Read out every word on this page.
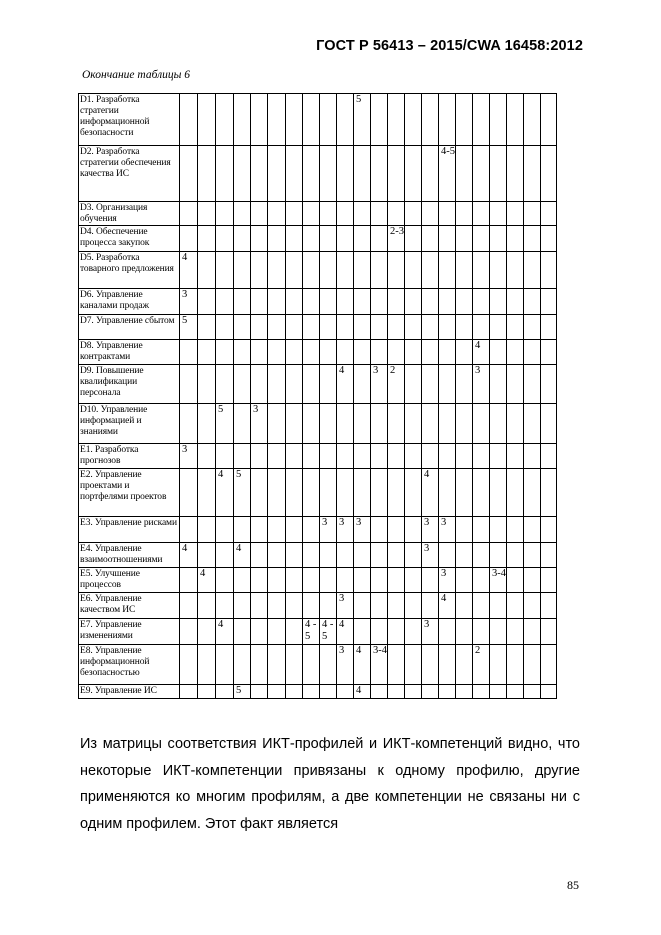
ГОСТ Р 56413 – 2015/CWA 16458:2012
Окончание таблицы 6
D1. Разработка стратегии информационной безопасности											5											
D2. Разработка стратегии обеспечения качества ИС																4-5						
D3. Организация обучения																						
D4. Обеспечение процесса закупок													2-3									
D5. Разработка товарного предложения	4																					
D6. Управление каналами продаж	3																					
D7. Управление сбытом	5																					
D8. Управление контрактами																		4				
D9. Повышение квалификации персонала										4		3	2					3				
D10. Управление информацией и знаниями			5		3																	
E1. Разработка прогнозов	3																					
E2. Управление проектами и портфелями проектов			4	5											4							
E3. Управление рисками									3	3	3				3	3						
E4. Управление взаимоотношениями	4			4											3							
E5. Улучшение процессов		4														3			3-4			
E6. Управление качеством ИС										3						4						
E7. Управление изменениями			4					4 - 5	4 - 5	4					3							
E8. Управление информационной безопасностью										3	4	3-4						2				
E9. Управление ИС				5							4											
Из матрицы соответствия ИКТ-профилей и ИКТ-компетенций видно, что некоторые ИКТ-компетенции привязаны к одному профилю, другие применяются ко многим профилям, а две компетенции не связаны ни с одним профилем. Этот факт является
85
